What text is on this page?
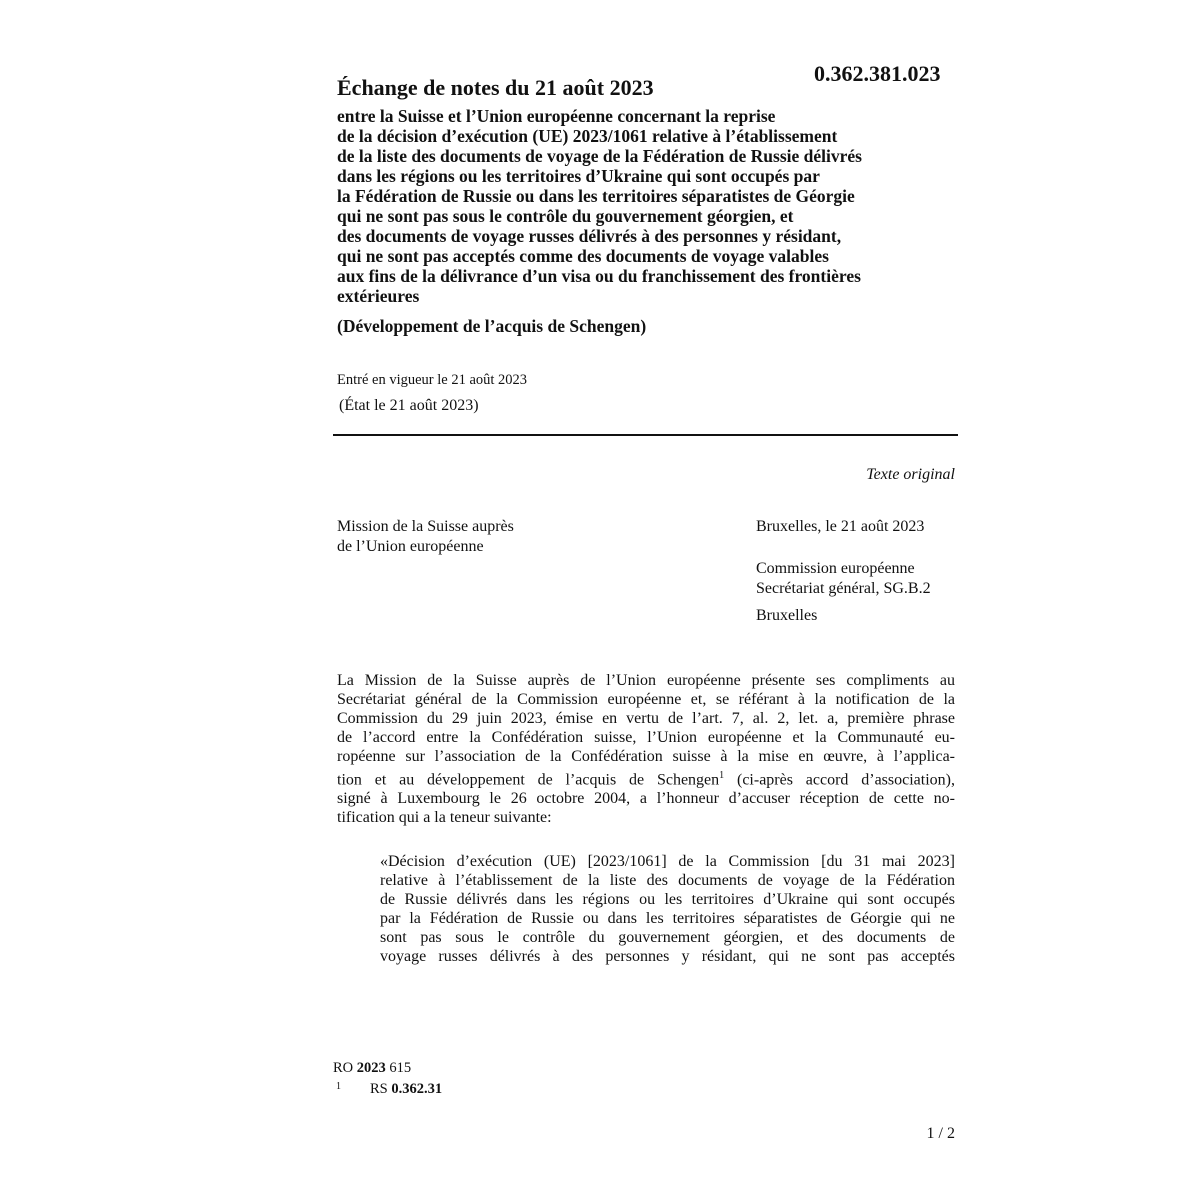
Échange de notes du 21 août 2023
0.362.381.023
entre la Suisse et l’Union européenne concernant la reprise
de la décision d’exécution (UE) 2023/1061 relative à l’établissement
de la liste des documents de voyage de la Fédération de Russie délivrés
dans les régions ou les territoires d’Ukraine qui sont occupés par
la Fédération de Russie ou dans les territoires séparatistes de Géorgie
qui ne sont pas sous le contrôle du gouvernement géorgien, et
des documents de voyage russes délivrés à des personnes y résidant,
qui ne sont pas acceptés comme des documents de voyage valables
aux fins de la délivrance d’un visa ou du franchissement des frontières
extérieures
(Développement de l’acquis de Schengen)
Entré en vigueur le 21 août 2023
(État le 21 août 2023)
Texte original
Mission de la Suisse auprès
de l’Union européenne
Bruxelles, le 21 août 2023
Commission européenne
Secrétariat général, SG.B.2
Bruxelles
La Mission de la Suisse auprès de l’Union européenne présente ses compliments au
Secrétariat général de la Commission européenne et, se référant à la notification de la
Commission du 29 juin 2023, émise en vertu de l’art. 7, al. 2, let. a, première phrase
de l’accord entre la Confédération suisse, l’Union européenne et la Communauté eu-
ropéenne sur l’association de la Confédération suisse à la mise en œuvre, à l’applica-
tion et au développement de l’acquis de Schengen$^1$ (ci-après accord d’association),
signé à Luxembourg le 26 octobre 2004, a l’honneur d’accuser réception de cette no-
tification qui a la teneur suivante:
«Décision d’exécution (UE) [2023/1061] de la Commission [du 31 mai 2023]
relative à l’établissement de la liste des documents de voyage de la Fédération
de Russie délivrés dans les régions ou les territoires d’Ukraine qui sont occupés
par la Fédération de Russie ou dans les territoires séparatistes de Géorgie qui ne
sont pas sous le contrôle du gouvernement géorgien, et des documents de
voyage russes délivrés à des personnes y résidant, qui ne sont pas acceptés
RO 2023 615
$^1$ RS 0.362.31
1 / 2
